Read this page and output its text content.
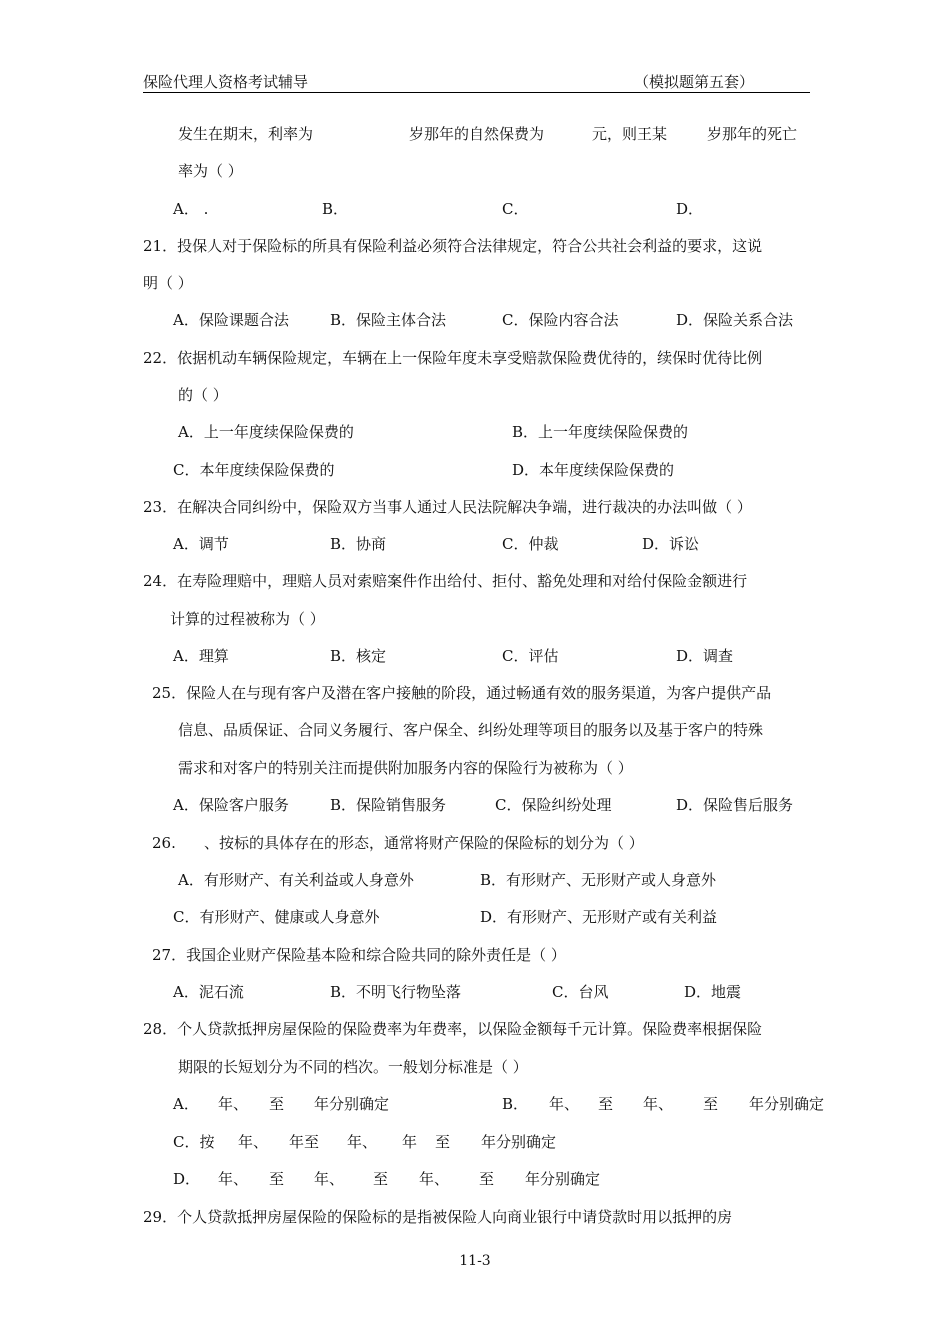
保险代理人资格考试辅导	（模拟题第五套）
发生在期末，利率为	岁那年的自然保费为	元，则王某	岁那年的死亡
率为（ ）
A． .	B．	C．	D．
21．投保人对于保险标的所具有保险利益必须符合法律规定，符合公共社会利益的要求，这说
明（ ）
A．保险课题合法	B．保险主体合法	C．保险内容合法	D．保险关系合法
22．依据机动车辆保险规定，车辆在上一保险年度未享受赔款保险费优待的，续保时优待比例
的（ ）
A．上一年度续保险保费的	B．上一年度续保险保费的
C．本年度续保险保费的	D．本年度续保险保费的
23．在解决合同纠纷中，保险双方当事人通过人民法院解决争端，进行裁决的办法叫做（ ）
A．调节	B．协商	C．仲裁	D．诉讼
24．在寿险理赔中，理赔人员对索赔案件作出给付、拒付、豁免处理和对给付保险金额进行
计算的过程被称为（ ）
A．理算	B．核定	C．评估	D．调查
25．保险人在与现有客户及潜在客户接触的阶段，通过畅通有效的服务渠道，为客户提供产品
信息、品质保证、合同义务履行、客户保全、纠纷处理等项目的服务以及基于客户的特殊
需求和对客户的特别关注而提供附加服务内容的保险行为被称为（ ）
A．保险客户服务	B．保险销售服务	C．保险纠纷处理	D．保险售后服务
26. 、按标的具体存在的形态，通常将财产保险的保险标的划分为（ ）
A．有形财产、有关利益或人身意外	B．有形财产、无形财产或人身意外
C．有形财产、健康或人身意外	D．有形财产、无形财产或有关利益
27．我国企业财产保险基本险和综合险共同的除外责任是（ ）
A．泥石流	B．不明飞行物坠落	C．台风	D．地震
28．个人贷款抵押房屋保险的保险费率为年费率，以保险金额每千元计算。保险费率根据保险
期限的长短划分为不同的档次。一般划分标准是（ ）
A． 年、 至 年分别确定	B． 年、 至 年、 至 年分别确定
C．按 年、 年至 年、 年 至 年分别确定
D． 年、 至 年、 至 年、 至 年分别确定
29．个人贷款抵押房屋保险的保险标的是指被保险人向商业银行中请贷款时用以抵押的房
11-3
